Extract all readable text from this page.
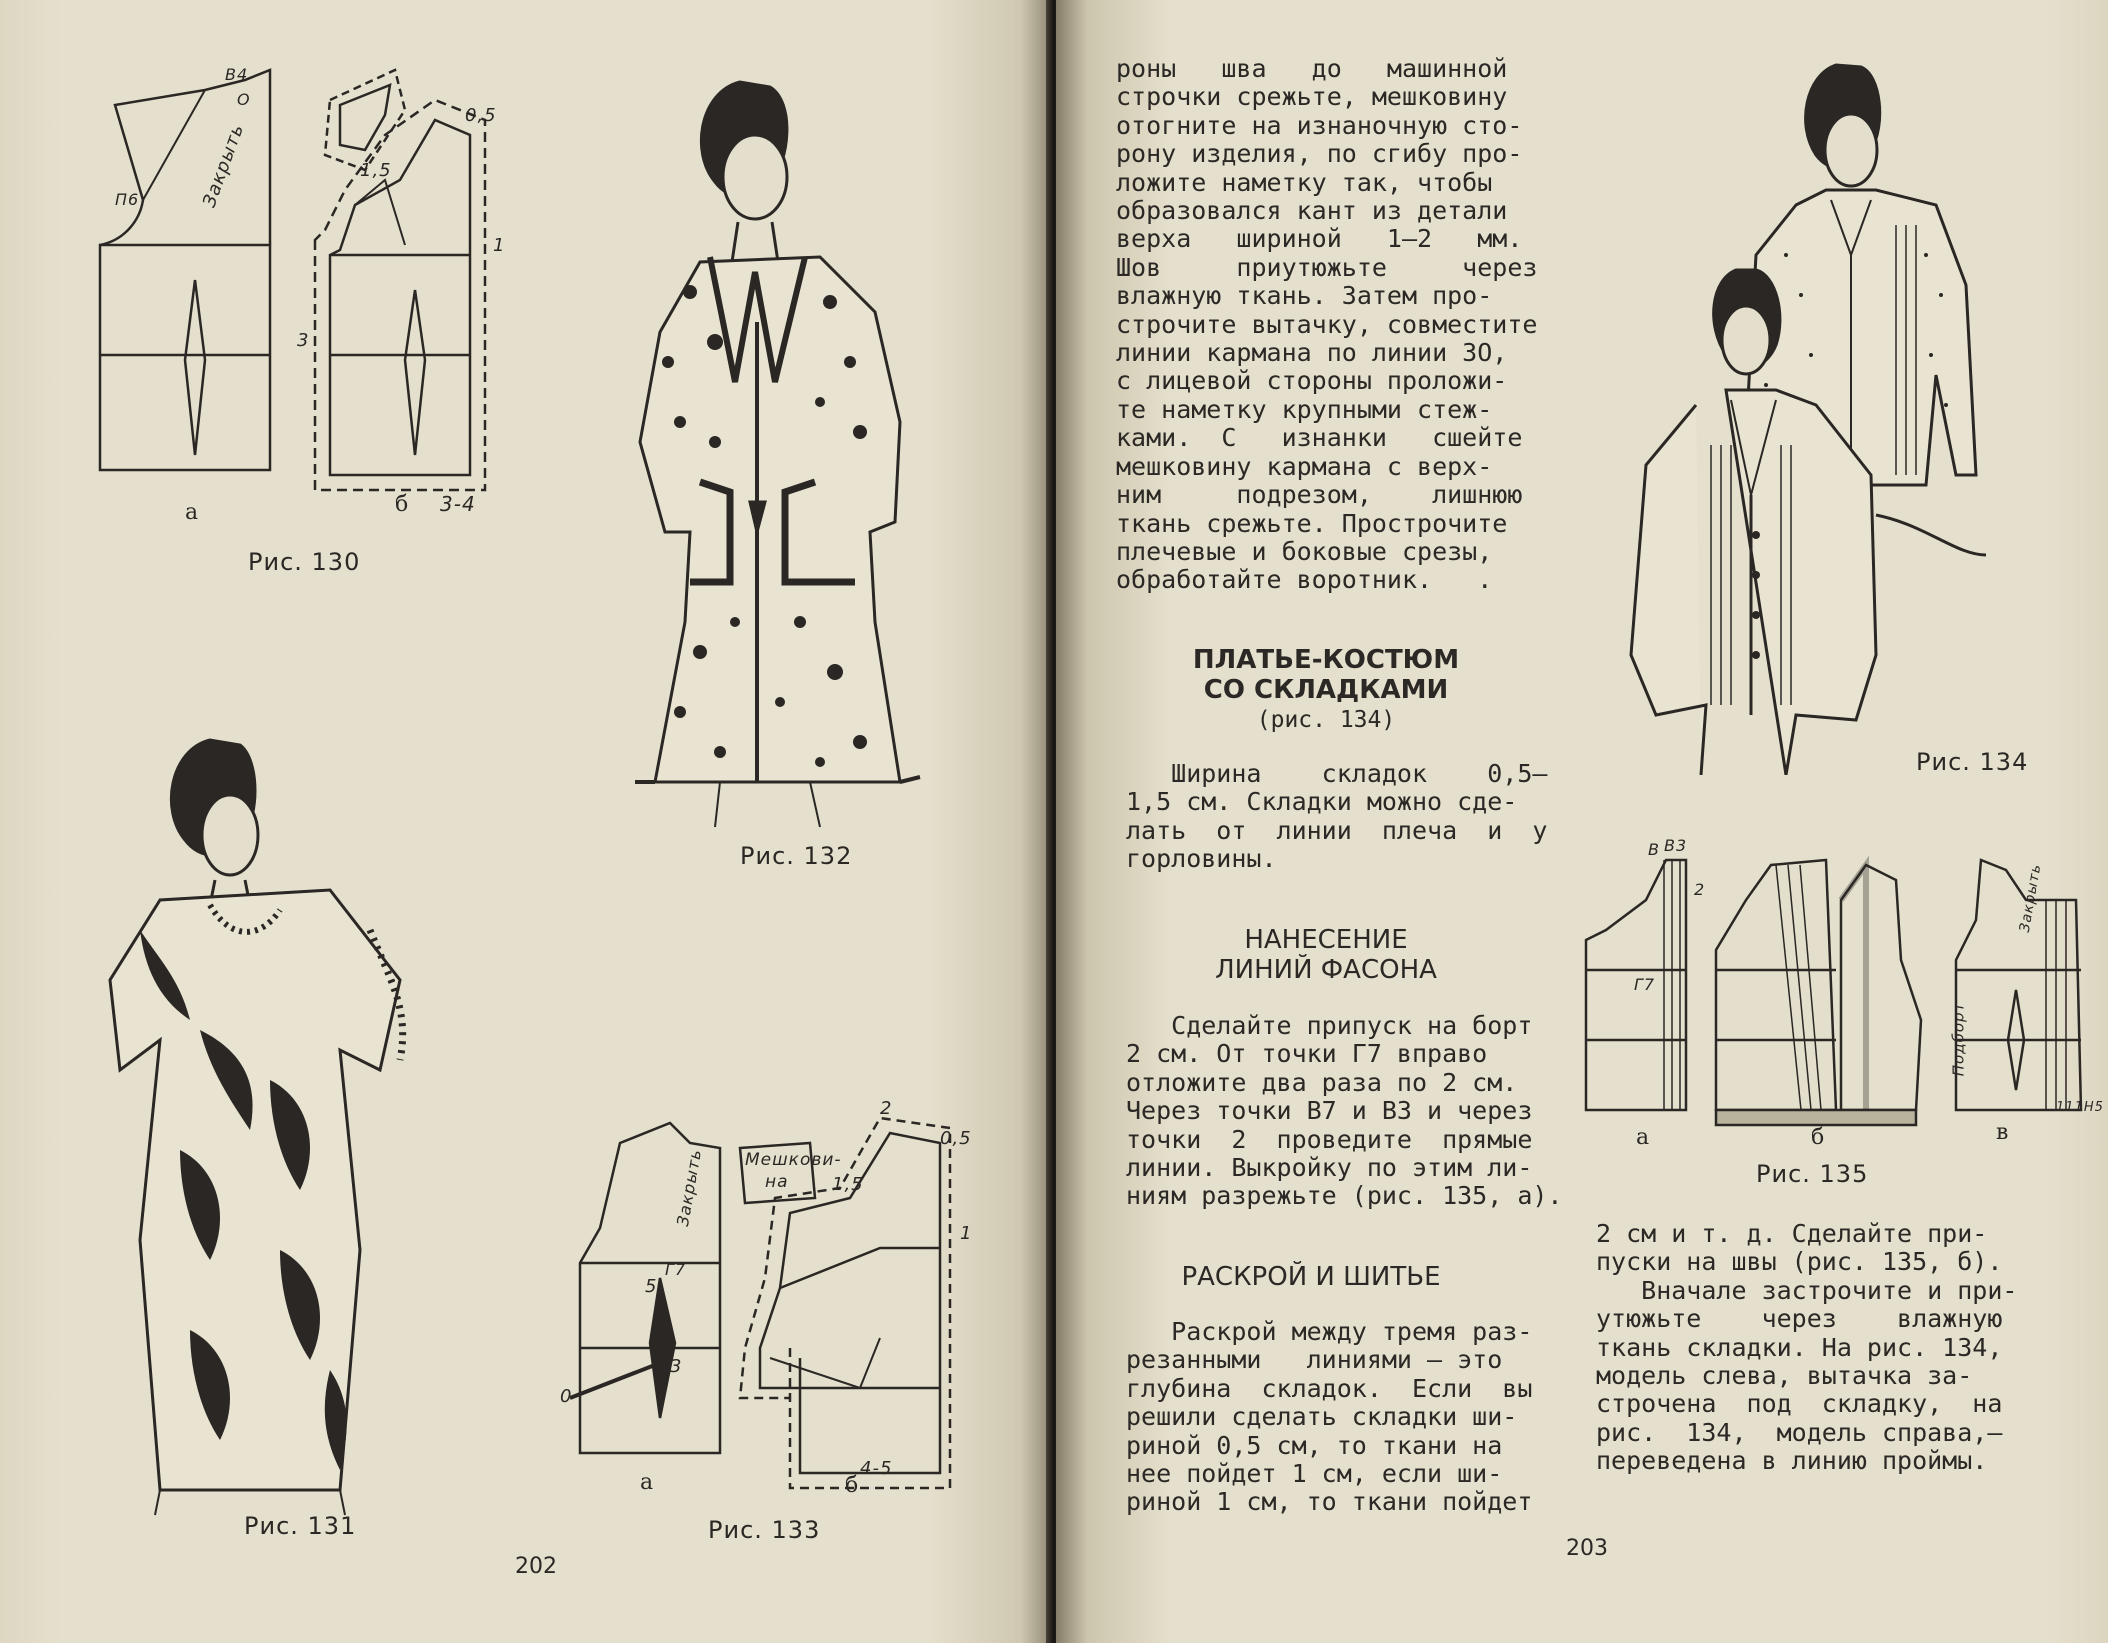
а	б 3-4
0,5
1,5
1
3
Закрыть
В4
О
П6
Рис. 130
Рис. 132
Рис. 131
а	б
4-5
2
0,5
1,5
1
3
5
0
Закрыть
Г7
Мешкови-
на
Рис. 133
202
роны   шва   до   машинной
строчки срежьте, мешковину
отогните на изнаночную сто-
рону изделия, по сгибу про-
ложите наметку так, чтобы
образовался кант из детали
верха   шириной   1—2   мм.
Шов     приутюжьте     через
влажную ткань. Затем про-
строчите вытачку, совместите
линии кармана по линии ЗО,
с лицевой стороны проложи-
те наметку крупными стеж-
ками.  С   изнанки   сшейте
мешковину кармана с верх-
ним     подрезом,    лишнюю
ткань срежьте. Простpочите
плечевые и боковые срезы,
обработайте воротник.   .
ПЛАТЬЕ-КОСТЮМ
СО СКЛАДКАМИ
(рис. 134)
Ширина    складок    0,5—
1,5 см. Складки можно сде-
лать  от  линии  плеча  и  у
горловины.
НАНЕСЕНИЕ
ЛИНИЙ ФАСОНА
Сделайте припуск на борт
2 см. От точки Г7 вправо
отложите два раза по 2 см.
Через точки В7 и В3 и через
точки  2  проведите  прямые
линии. Выкройку по этим ли-
ниям разрежьте (рис. 135, а).
РАСКРОЙ И ШИТЬЕ
Раскрой между тремя раз-
резанными   линиями — это
глубина  складок.  Если  вы
решили сделать складки ши-
риной 0,5 см, то ткани на
нее пойдет 1 см, если ши-
риной 1 см, то ткани пойдет
2 см и т. д. Сделайте при-
пуски на швы (рис. 135, б).
Вначале застрочите и при-
утюжьте    через    влажную
ткань складки. На рис. 134,
модель слева, вытачка за-
строчена  под  складку,  на
рис.  134,  модель справа,—
переведена в линию проймы.
Рис. 134
а	б	в
В В3
2
Г7
Подборт
Закрыть
111Н5
Рис. 135
203
